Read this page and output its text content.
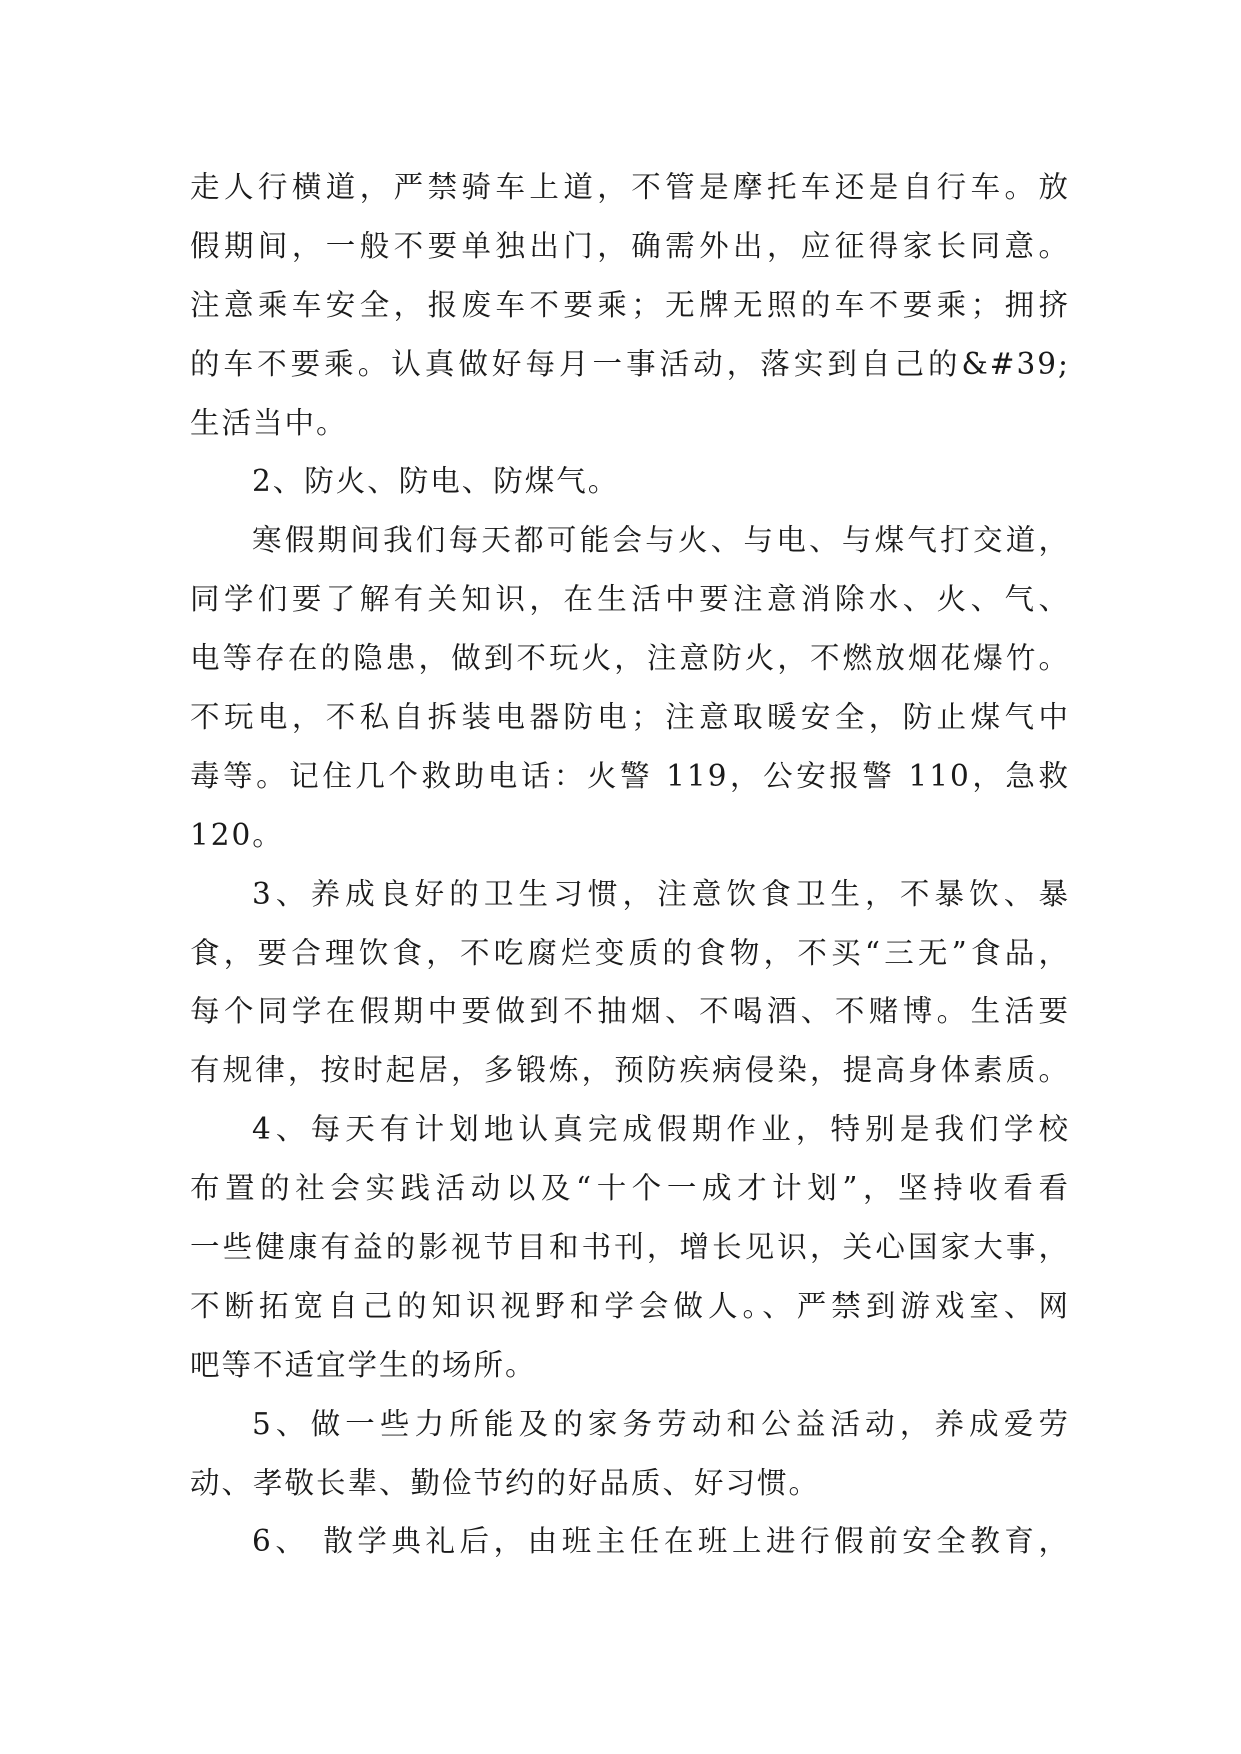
走人行横道，严禁骑车上道，不管是摩托车还是自行车。放
假期间，一般不要单独出门，确需外出，应征得家长同意。
注意乘车安全，报废车不要乘；无牌无照的车不要乘；拥挤
的车不要乘。认真做好每月一事活动，落实到自己的&#39;
生活当中。
2、防火、防电、防煤气。
寒假期间我们每天都可能会与火、与电、与煤气打交道，
同学们要了解有关知识，在生活中要注意消除水、火、气、
电等存在的隐患，做到不玩火，注意防火，不燃放烟花爆竹。
不玩电，不私自拆装电器防电；注意取暖安全，防止煤气中
毒等。记住几个救助电话：火警 119，公安报警 110，急救
120。
3、养成良好的卫生习惯，注意饮食卫生，不暴饮、暴
食，要合理饮食，不吃腐烂变质的食物，不买“三无”食品，
每个同学在假期中要做到不抽烟、不喝酒、不赌博。生活要
有规律，按时起居，多锻炼，预防疾病侵染，提高身体素质。
4、每天有计划地认真完成假期作业，特别是我们学校
布置的社会实践活动以及“十个一成才计划”，坚持收看看
一些健康有益的影视节目和书刊，增长见识，关心国家大事，
不断拓宽自己的知识视野和学会做人。、严禁到游戏室、网
吧等不适宜学生的场所。
5、做一些力所能及的家务劳动和公益活动，养成爱劳
动、孝敬长辈、勤俭节约的好品质、好习惯。
6、 散学典礼后，由班主任在班上进行假前安全教育，
